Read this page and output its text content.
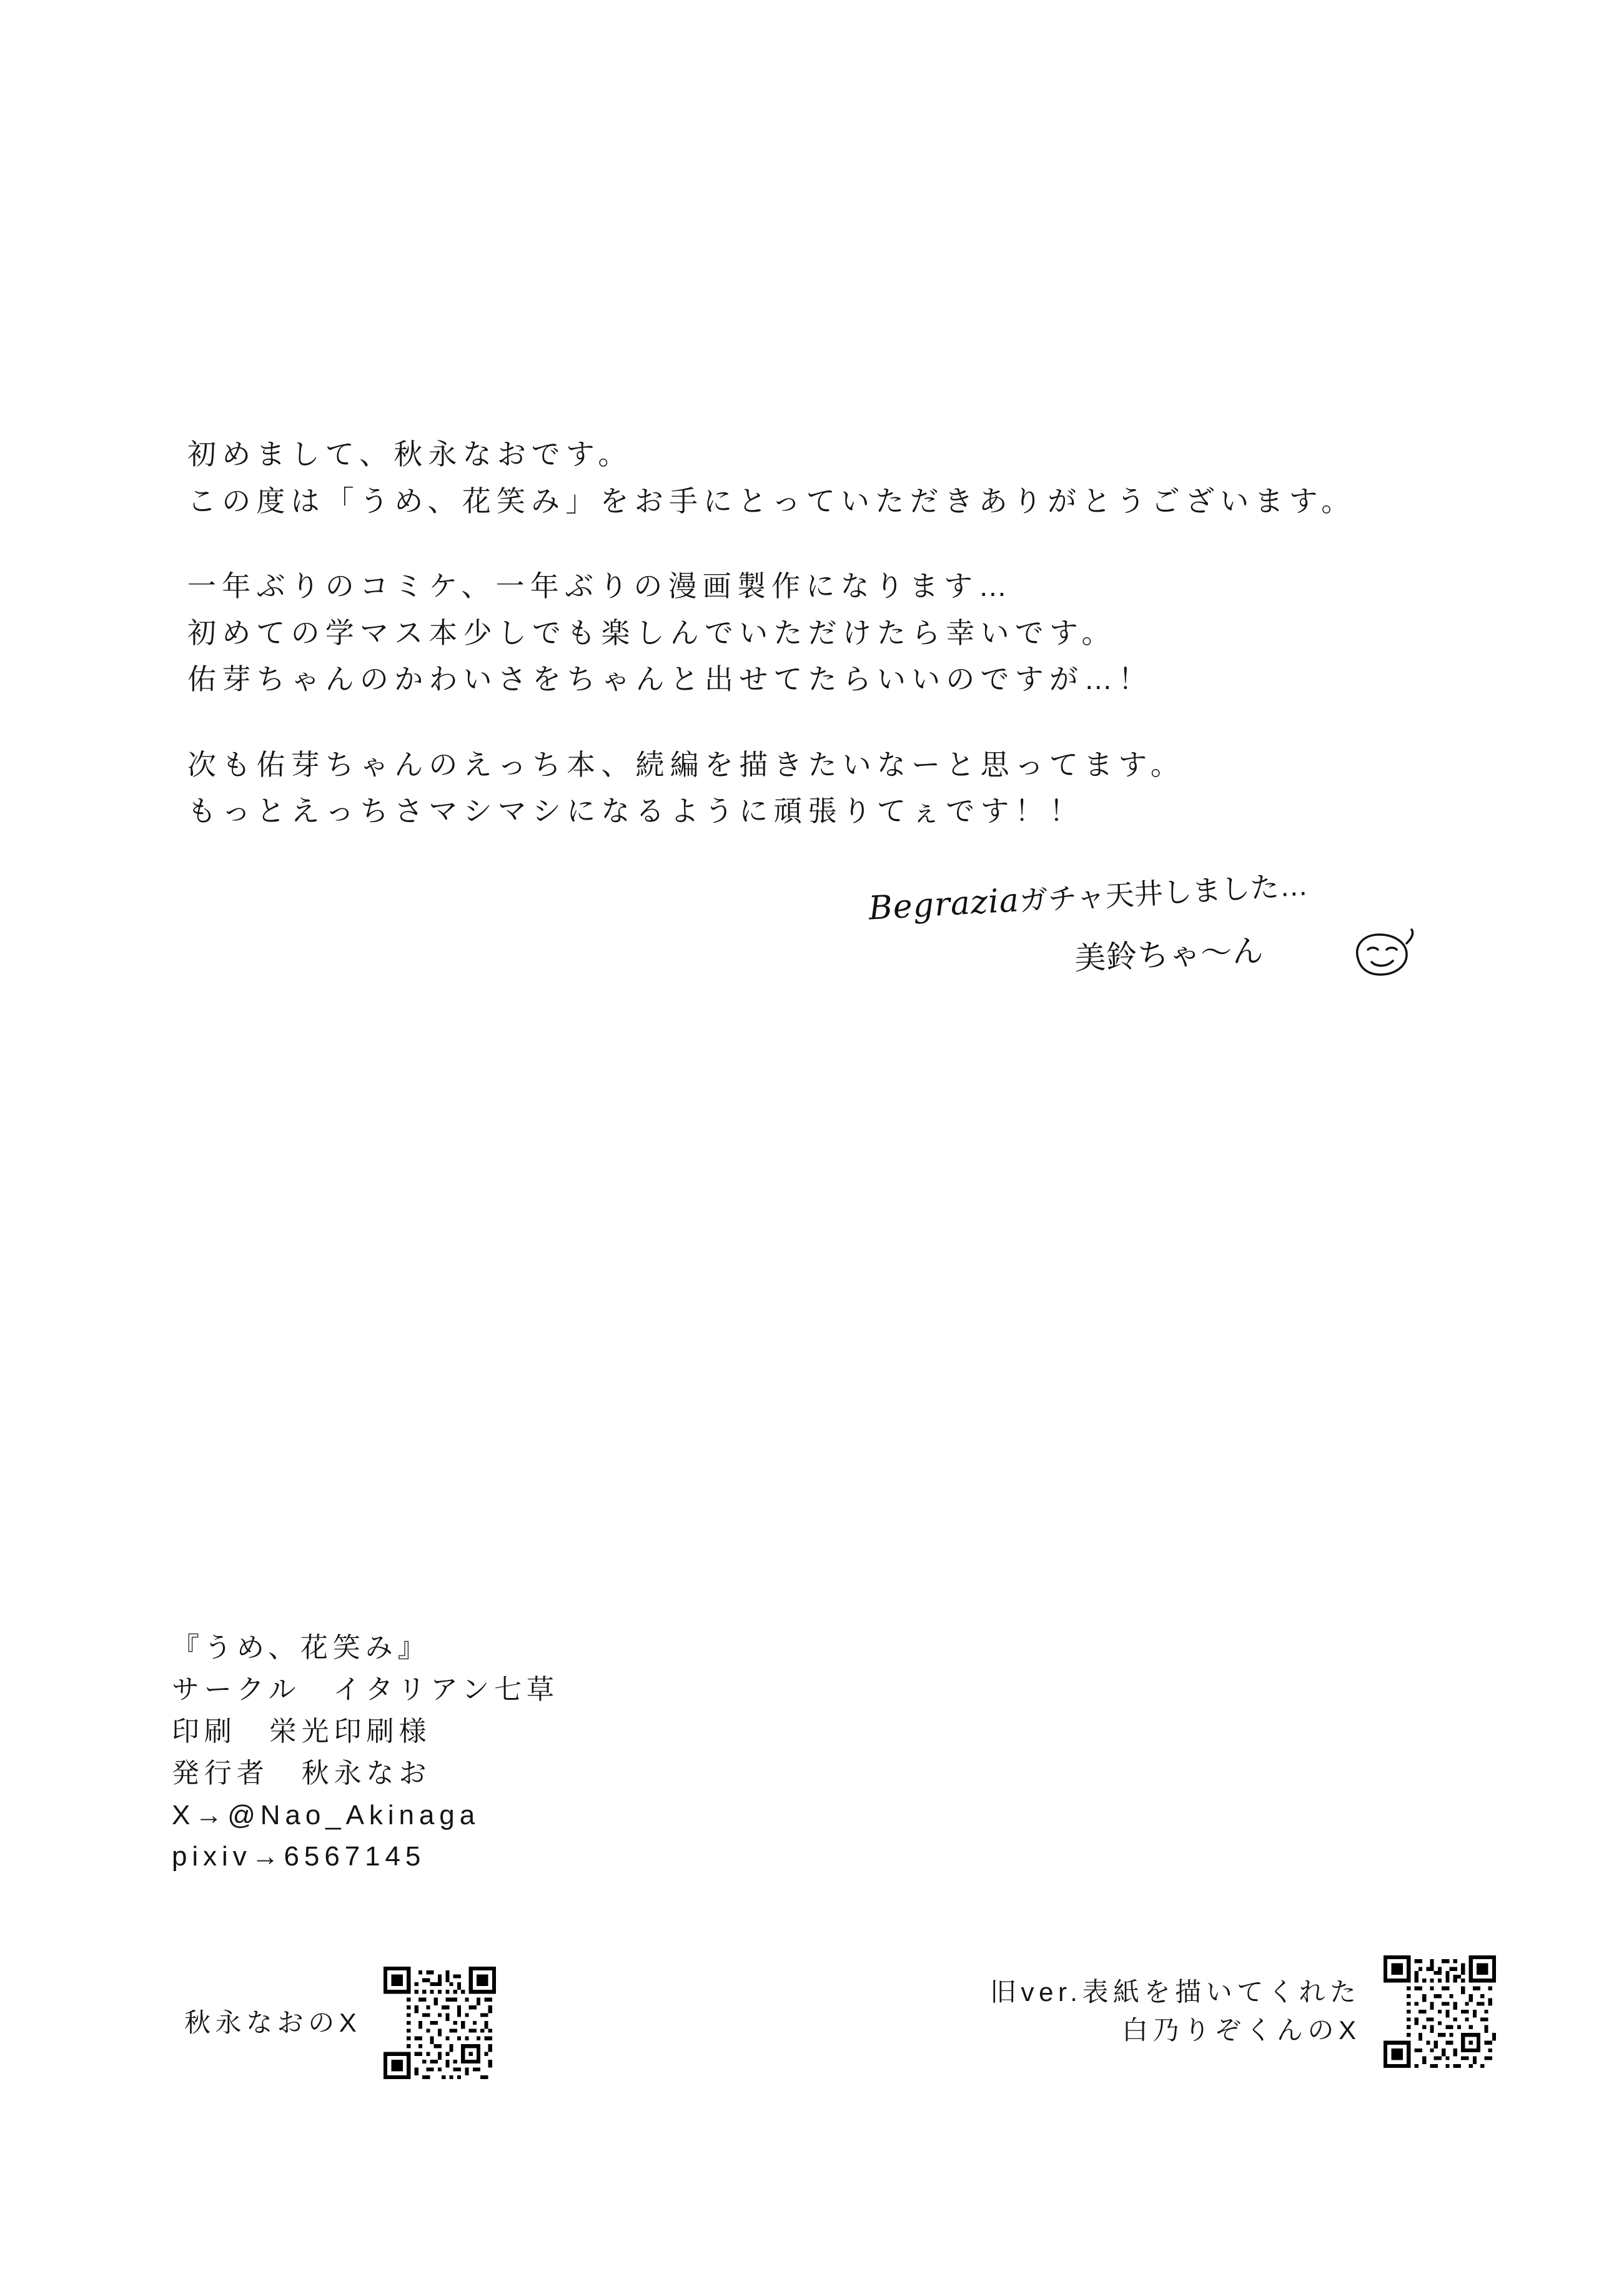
初めまして、秋永なおです。
この度は「うめ、花笑み」をお手にとっていただきありがとうございます。
一年ぶりのコミケ、一年ぶりの漫画製作になります…
初めての学マス本少しでも楽しんでいただけたら幸いです。
佑芽ちゃんのかわいさをちゃんと出せてたらいいのですが…！
次も佑芽ちゃんのえっち本、続編を描きたいなーと思ってます。
もっとえっちさマシマシになるように頑張りてぇです！！
Begraziaガチャ天井しました…
美鈴ちゃ～ん
『うめ、花笑み』
サークル　イタリアン七草
印刷　栄光印刷様
発行者　秋永なお
X→@Nao_Akinaga
pixiv→6567145
秋永なおのX
旧ver.表紙を描いてくれた
白乃りぞくんのX
